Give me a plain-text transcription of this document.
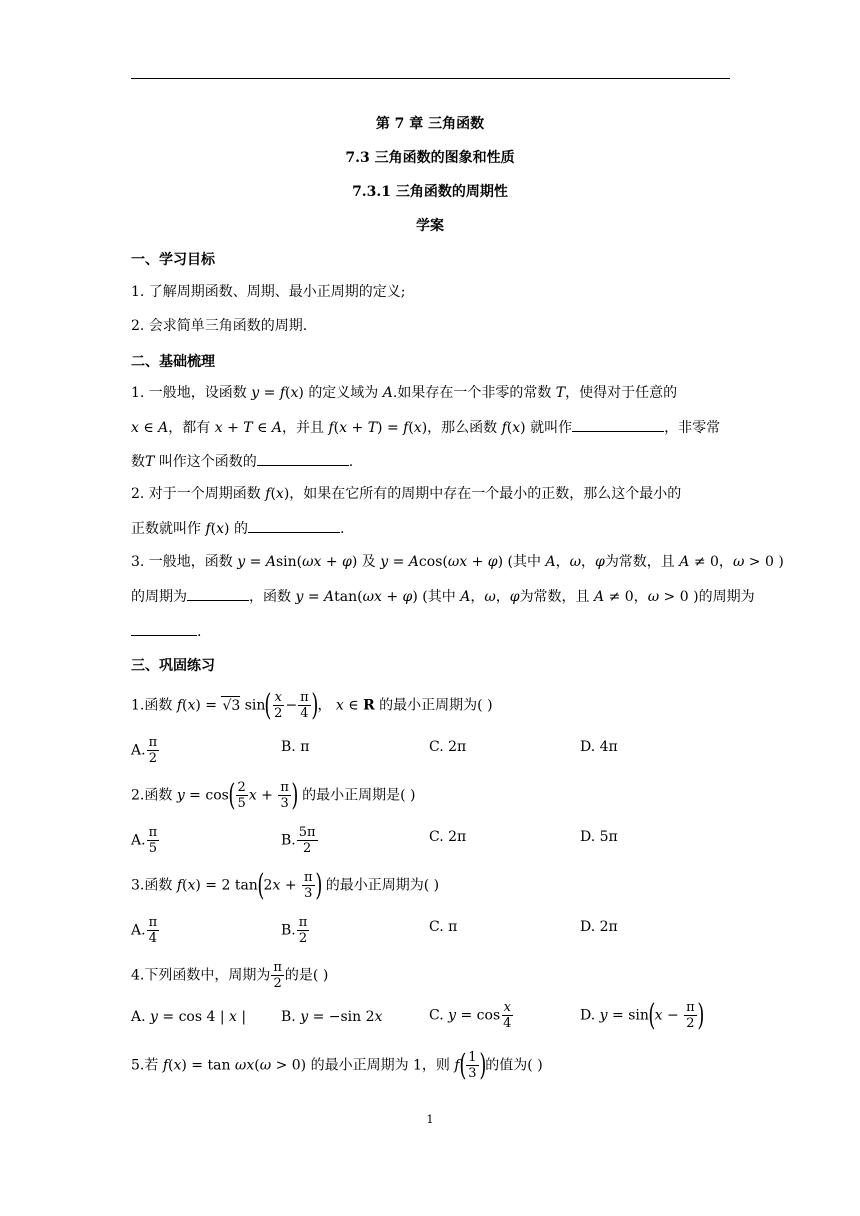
第 7 章 三角函数
7.3 三角函数的图象和性质
7.3.1 三角函数的周期性
学案
一、学习目标
1. 了解周期函数、周期、最小正周期的定义;
2. 会求简单三角函数的周期.
二、基础梳理
1. 一般地，设函数 y = f(x) 的定义域为 A.如果存在一个非零的常数 T，使得对于任意的
x ∈ A，都有 x + T ∈ A，并且 f(x + T) = f(x)，那么函数 f(x) 就叫作	，非零常
数T 叫作这个函数的	.
2. 对于一个周期函数 f(x)，如果在它所有的周期中存在一个最小的正数，那么这个最小的
正数就叫作 f(x) 的	.
3. 一般地，函数 y = Asin(ωx + φ) 及 y = Acos(ωx + φ) (其中 A，ω，φ为常数，且 A ≠ 0，ω > 0 )
的周期为	，函数 y = Atan(ωx + φ) (其中 A，ω，φ为常数，且 A ≠ 0，ω > 0 )的周期为
.
三、巩固练习
1.函数 f(x) = √3 $\sin( \frac{x}{2} - \frac{\pi}{4}$ )， x ∈ R 的最小正周期为( )
A. $\frac{\pi}{2}$	B. π	C. 2π	D. 4π
2.函数 $y = \cos( \frac{2}{5}$ $x + \frac{\pi}{3}$ ) 的最小正周期是( )
A. $\frac{\pi}{5}$	B. $\frac{5\pi}{2}$	C. 2π	D. 5π
3.函数 f(x) = 2 $\tan(2x + \frac{\pi}{3}$ ) 的最小正周期为( )
A. $\frac{\pi}{4}$	B. $\frac{\pi}{2}$	C. π	D. 2π
4.下列函数中，周期为 $\frac{\pi}{2}$ 的是( )
A. y = cos 4 | x | B. y = −sin 2x	C. $y = \cos \frac{x}{4}$	D. $y = \sin(x - \frac{\pi}{2}$ )
5.若 f(x) = tan ωx(ω > 0) 的最小正周期为 1，则 $f( \frac{1}{3}$ )的值为( )
1
